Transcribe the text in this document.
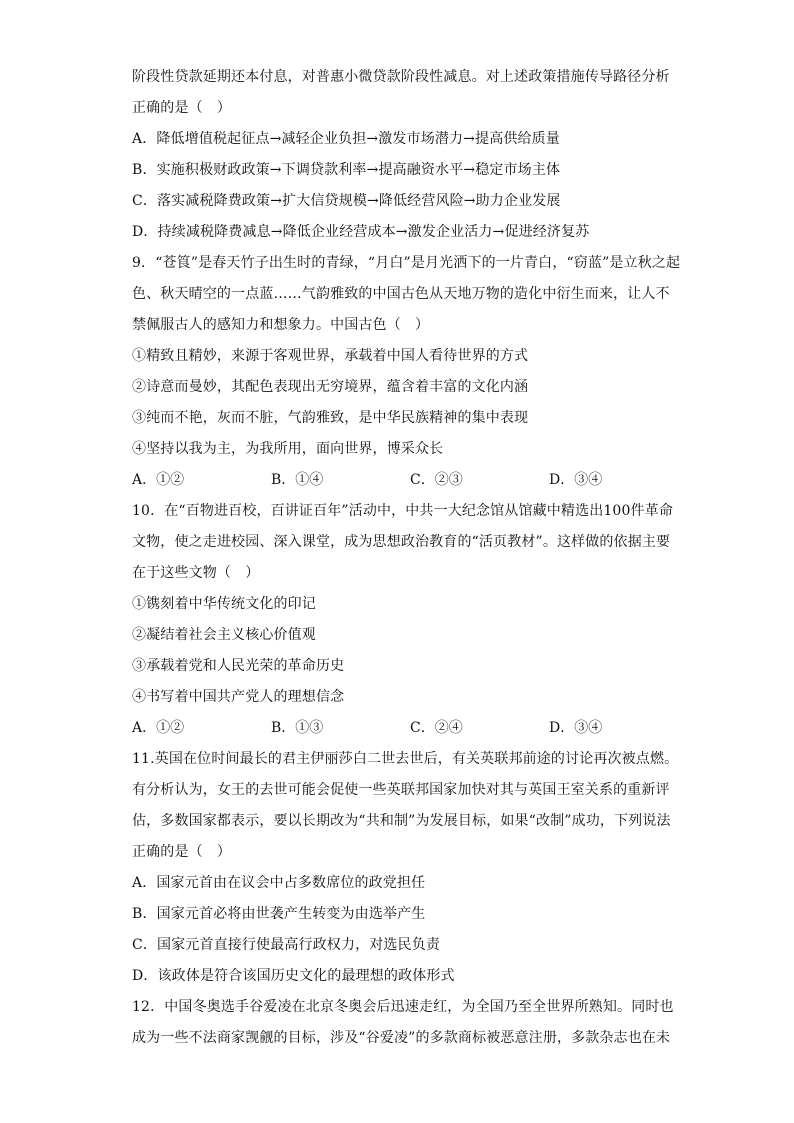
阶段性贷款延期还本付息，对普惠小微贷款阶段性减息。对上述政策措施传导路径分析
正确的是（　）
A．降低增值税起征点→减轻企业负担→激发市场潜力→提高供给质量
B．实施积极财政政策→下调贷款利率→提高融资水平→稳定市场主体
C．落实减税降费政策→扩大信贷规模→降低经营风险→助力企业发展
D．持续减税降费减息→降低企业经营成本→激发企业活力→促进经济复苏
9．“苍筤”是春天竹子出生时的青绿，“月白”是月光洒下的一片青白，“窃蓝”是立秋之起
色、秋天晴空的一点蓝……气韵雅致的中国古色从天地万物的造化中衍生而来，让人不
禁佩服古人的感知力和想象力。中国古色（　）
①精致且精妙，来源于客观世界，承载着中国人看待世界的方式
②诗意而曼妙，其配色表现出无穷境界，蕴含着丰富的文化内涵
③纯而不艳，灰而不脏，气韵雅致，是中华民族精神的集中表现
④坚持以我为主，为我所用，面向世界，博采众长
A．①②	B．①④	C．②③	D．③④
10．在“百物进百校，百讲证百年”活动中，中共一大纪念馆从馆藏中精选出100件革命
文物，使之走进校园、深入课堂，成为思想政治教育的“活页教材”。这样做的依据主要
在于这些文物（　）
①镌刻着中华传统文化的印记
②凝结着社会主义核心价值观
③承载着党和人民光荣的革命历史
④书写着中国共产党人的理想信念
A．①②	B．①③	C．②④	D．③④
11.英国在位时间最长的君主伊丽莎白二世去世后，有关英联邦前途的讨论再次被点燃。
有分析认为，女王的去世可能会促使一些英联邦国家加快对其与英国王室关系的重新评
估，多数国家都表示，要以长期改为“共和制”为发展目标，如果“改制”成功，下列说法
正确的是（　）
A．国家元首由在议会中占多数席位的政党担任
B．国家元首必将由世袭产生转变为由选举产生
C．国家元首直接行使最高行政权力，对选民负责
D．该政体是符合该国历史文化的最理想的政体形式
12．中国冬奥选手谷爱凌在北京冬奥会后迅速走红，为全国乃至全世界所熟知。同时也
成为一些不法商家觊觎的目标，涉及“谷爱凌”的多款商标被恶意注册，多款杂志也在未
